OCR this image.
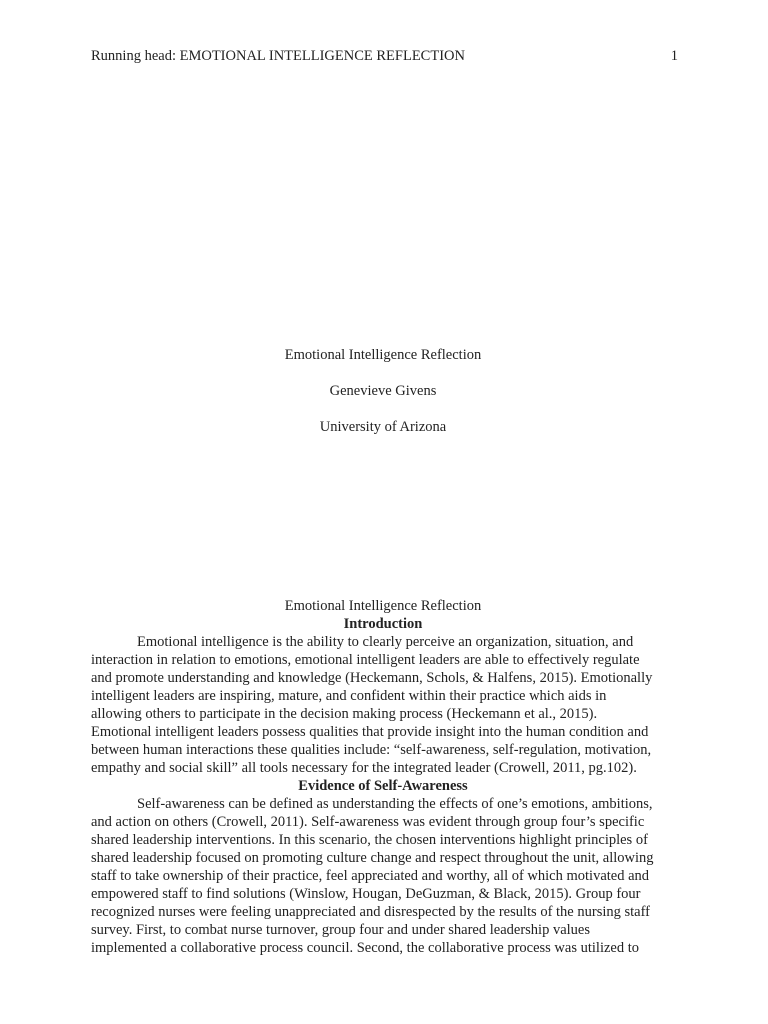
Running head: EMOTIONAL INTELLIGENCE REFLECTION	1
Emotional Intelligence Reflection
Genevieve Givens
University of Arizona
Emotional Intelligence Reflection
Introduction
Emotional intelligence is the ability to clearly perceive an organization, situation, and
interaction in relation to emotions, emotional intelligent leaders are able to effectively regulate
and promote understanding and knowledge (Heckemann, Schols, & Halfens, 2015). Emotionally
intelligent leaders are inspiring, mature, and confident within their practice which aids in
allowing others to participate in the decision making process (Heckemann et al., 2015).
Emotional intelligent leaders possess qualities that provide insight into the human condition and
between human interactions these qualities include: “self-awareness, self-regulation, motivation,
empathy and social skill” all tools necessary for the integrated leader (Crowell, 2011, pg.102).
Evidence of Self-Awareness
Self-awareness can be defined as understanding the effects of one’s emotions, ambitions,
and action on others (Crowell, 2011). Self-awareness was evident through group four’s specific
shared leadership interventions. In this scenario, the chosen interventions highlight principles of
shared leadership focused on promoting culture change and respect throughout the unit, allowing
staff to take ownership of their practice, feel appreciated and worthy, all of which motivated and
empowered staff to find solutions (Winslow, Hougan, DeGuzman, & Black, 2015). Group four
recognized nurses were feeling unappreciated and disrespected by the results of the nursing staff
survey. First, to combat nurse turnover, group four and under shared leadership values
implemented a collaborative process council. Second, the collaborative process was utilized to
